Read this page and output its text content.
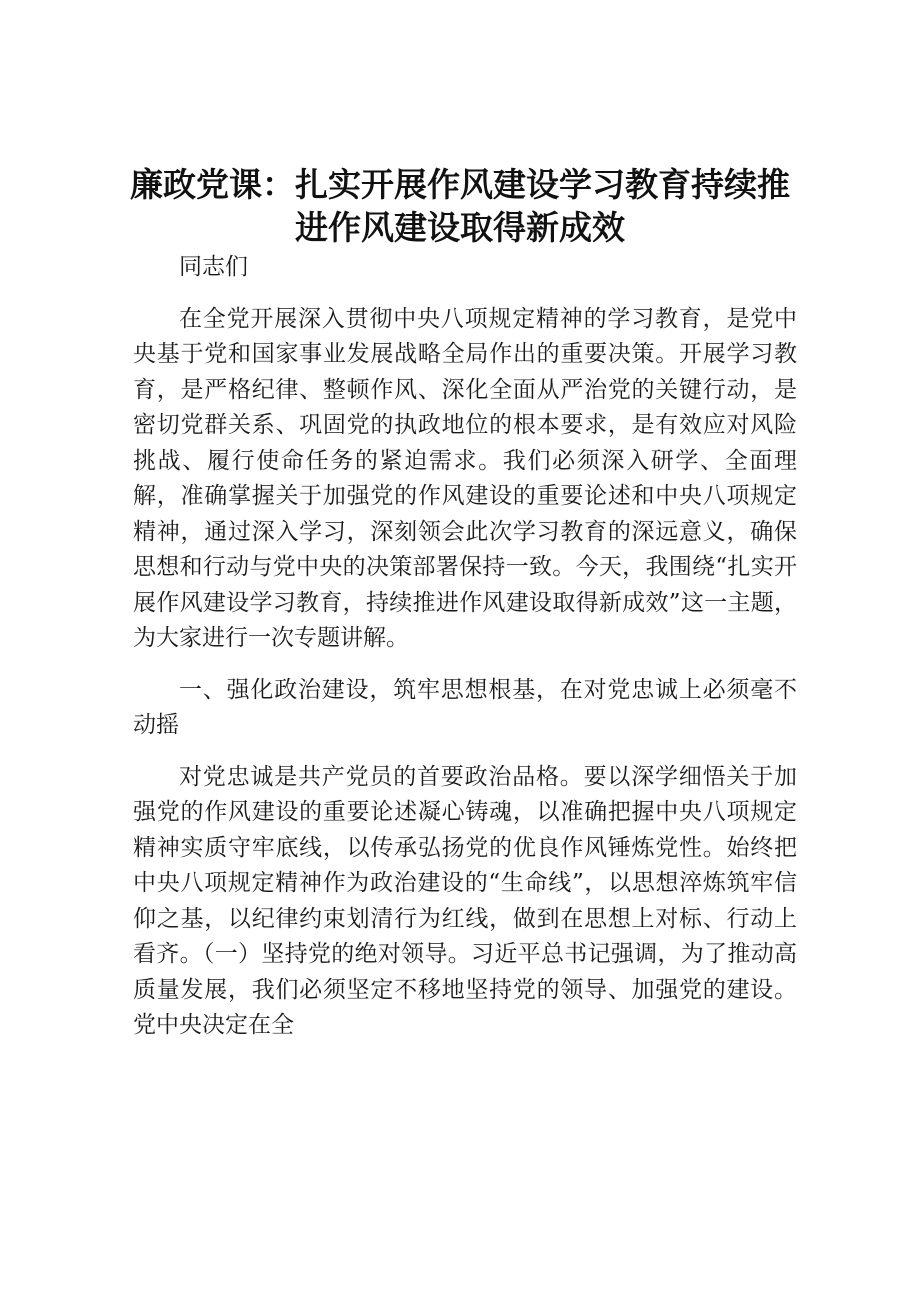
廉政党课：扎实开展作风建设学习教育持续推
进作风建设取得新成效

同志们

在全党开展深入贯彻中央八项规定精神的学习教育，是党中央基于党和国家事业发展战略全局作出的重要决策。开展学习教育，是严格纪律、整顿作风、深化全面从严治党的关键行动，是密切党群关系、巩固党的执政地位的根本要求，是有效应对风险挑战、履行使命任务的紧迫需求。我们必须深入研学、全面理解，准确掌握关于加强党的作风建设的重要论述和中央八项规定精神，通过深入学习，深刻领会此次学习教育的深远意义，确保思想和行动与党中央的决策部署保持一致。今天，我围绕“扎实开展作风建设学习教育，持续推进作风建设取得新成效”这一主题，为大家进行一次专题讲解。

一、强化政治建设，筑牢思想根基，在对党忠诚上必须毫不动摇

对党忠诚是共产党员的首要政治品格。要以深学细悟关于加强党的作风建设的重要论述凝心铸魂，以准确把握中央八项规定精神实质守牢底线，以传承弘扬党的优良作风锤炼党性。始终把中央八项规定精神作为政治建设的“生命线”，以思想淬炼筑牢信仰之基，以纪律约束划清行为红线，做到在思想上对标、行动上看齐。（一）坚持党的绝对领导。习近平总书记强调，为了推动高质量发展，我们必须坚定不移地坚持党的领导、加强党的建设。党中央决定在全
